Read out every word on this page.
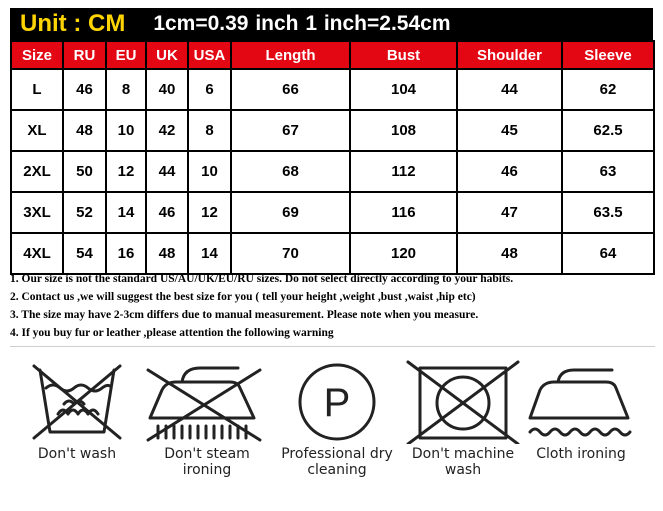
Unit : CM 1cm=0.39 inch 1 inch=2.54cm
Size	RU	EU	UK	USA	Length	Bust	Shoulder	Sleeve
L	46	8	40	6	66	104	44	62
XL	48	10	42	8	67	108	45	62.5
2XL	50	12	44	10	68	112	46	63
3XL	52	14	46	12	69	116	47	63.5
4XL	54	16	48	14	70	120	48	64
1. Our size is not the standard US/AU/UK/EU/RU sizes. Do not select directly according to your habits.
2. Contact us ,we will suggest the best size for you ( tell your height ,weight ,bust ,waist ,hip etc)
3. The size may have 2-3cm differs due to manual measurement. Please note when you measure.
4. If you buy fur or leather ,please attention the following warning
Don't wash	Don't steam
ironing
P
Professional dry
cleaning
Don't machine
wash
Cloth ironing
